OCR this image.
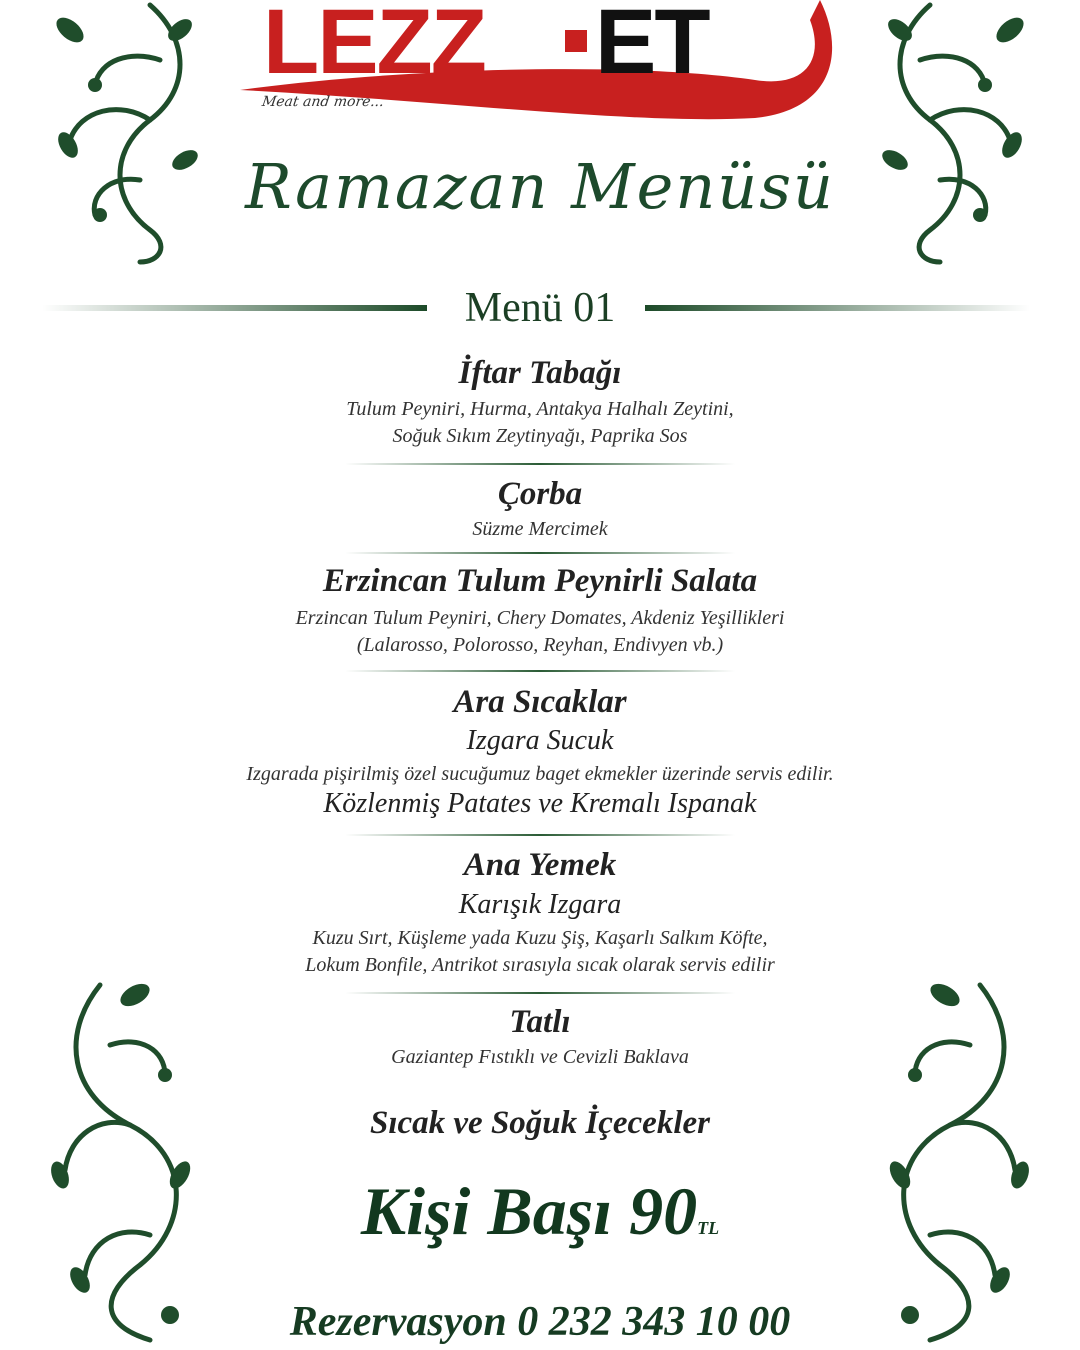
LEZZ ET
Meat and more...
Ramazan Menüsü
Menü 01
İftar Tabağı
Tulum Peyniri, Hurma, Antakya Halhalı Zeytini,
Soğuk Sıkım Zeytinyağı, Paprika Sos
Çorba
Süzme Mercimek
Erzincan Tulum Peynirli Salata
Erzincan Tulum Peyniri, Chery Domates, Akdeniz Yeşillikleri
(Lalarosso, Polorosso, Reyhan, Endivyen vb.)
Ara Sıcaklar
Izgara Sucuk
Izgarada pişirilmiş özel sucuğumuz baget ekmekler üzerinde servis edilir.
Közlenmiş Patates ve Kremalı Ispanak
Ana Yemek
Karışık Izgara
Kuzu Sırt, Küşleme yada Kuzu Şiş, Kaşarlı Salkım Köfte,
Lokum Bonfile, Antrikot sırasıyla sıcak olarak servis edilir
Tatlı
Gaziantep Fıstıklı ve Cevizli Baklava
Sıcak ve Soğuk İçecekler
Kişi Başı 90TL
Rezervasyon 0 232 343 10 00
